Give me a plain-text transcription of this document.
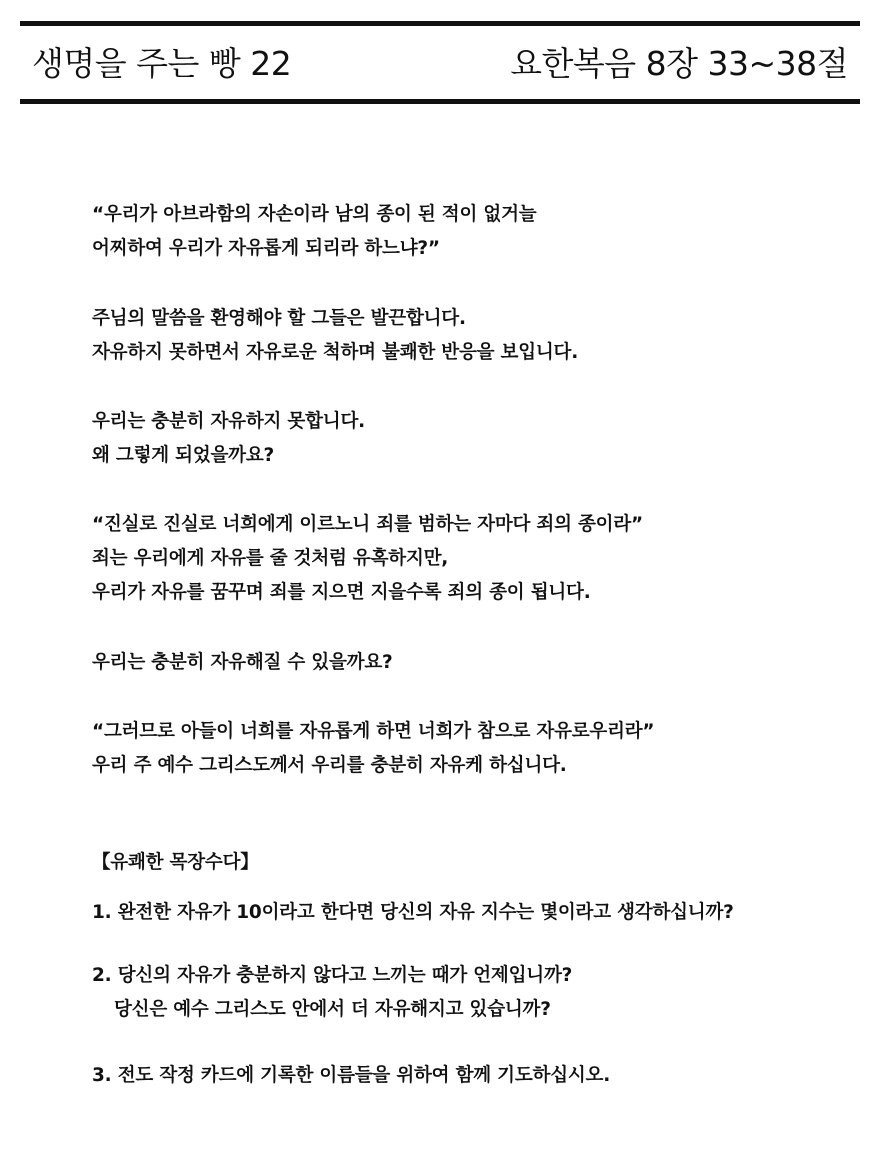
생명을 주는 빵 22	요한복음 8장 33~38절
“우리가 아브라함의 자손이라 남의 종이 된 적이 없거늘
어찌하여 우리가 자유롭게 되리라 하느냐?”
주님의 말씀을 환영해야 할 그들은 발끈합니다.
자유하지 못하면서 자유로운 척하며 불쾌한 반응을 보입니다.
우리는 충분히 자유하지 못합니다.
왜 그렇게 되었을까요?
“진실로 진실로 너희에게 이르노니 죄를 범하는 자마다 죄의 종이라”
죄는 우리에게 자유를 줄 것처럼 유혹하지만,
우리가 자유를 꿈꾸며 죄를 지으면 지을수록 죄의 종이 됩니다.
우리는 충분히 자유해질 수 있을까요?
“그러므로 아들이 너희를 자유롭게 하면 너희가 참으로 자유로우리라”
우리 주 예수 그리스도께서 우리를 충분히 자유케 하십니다.
【유쾌한 목장수다】
1. 완전한 자유가 10이라고 한다면 당신의 자유 지수는 몇이라고 생각하십니까?
2. 당신의 자유가 충분하지 않다고 느끼는 때가 언제입니까?
당신은 예수 그리스도 안에서 더 자유해지고 있습니까?
3. 전도 작정 카드에 기록한 이름들을 위하여 함께 기도하십시오.
